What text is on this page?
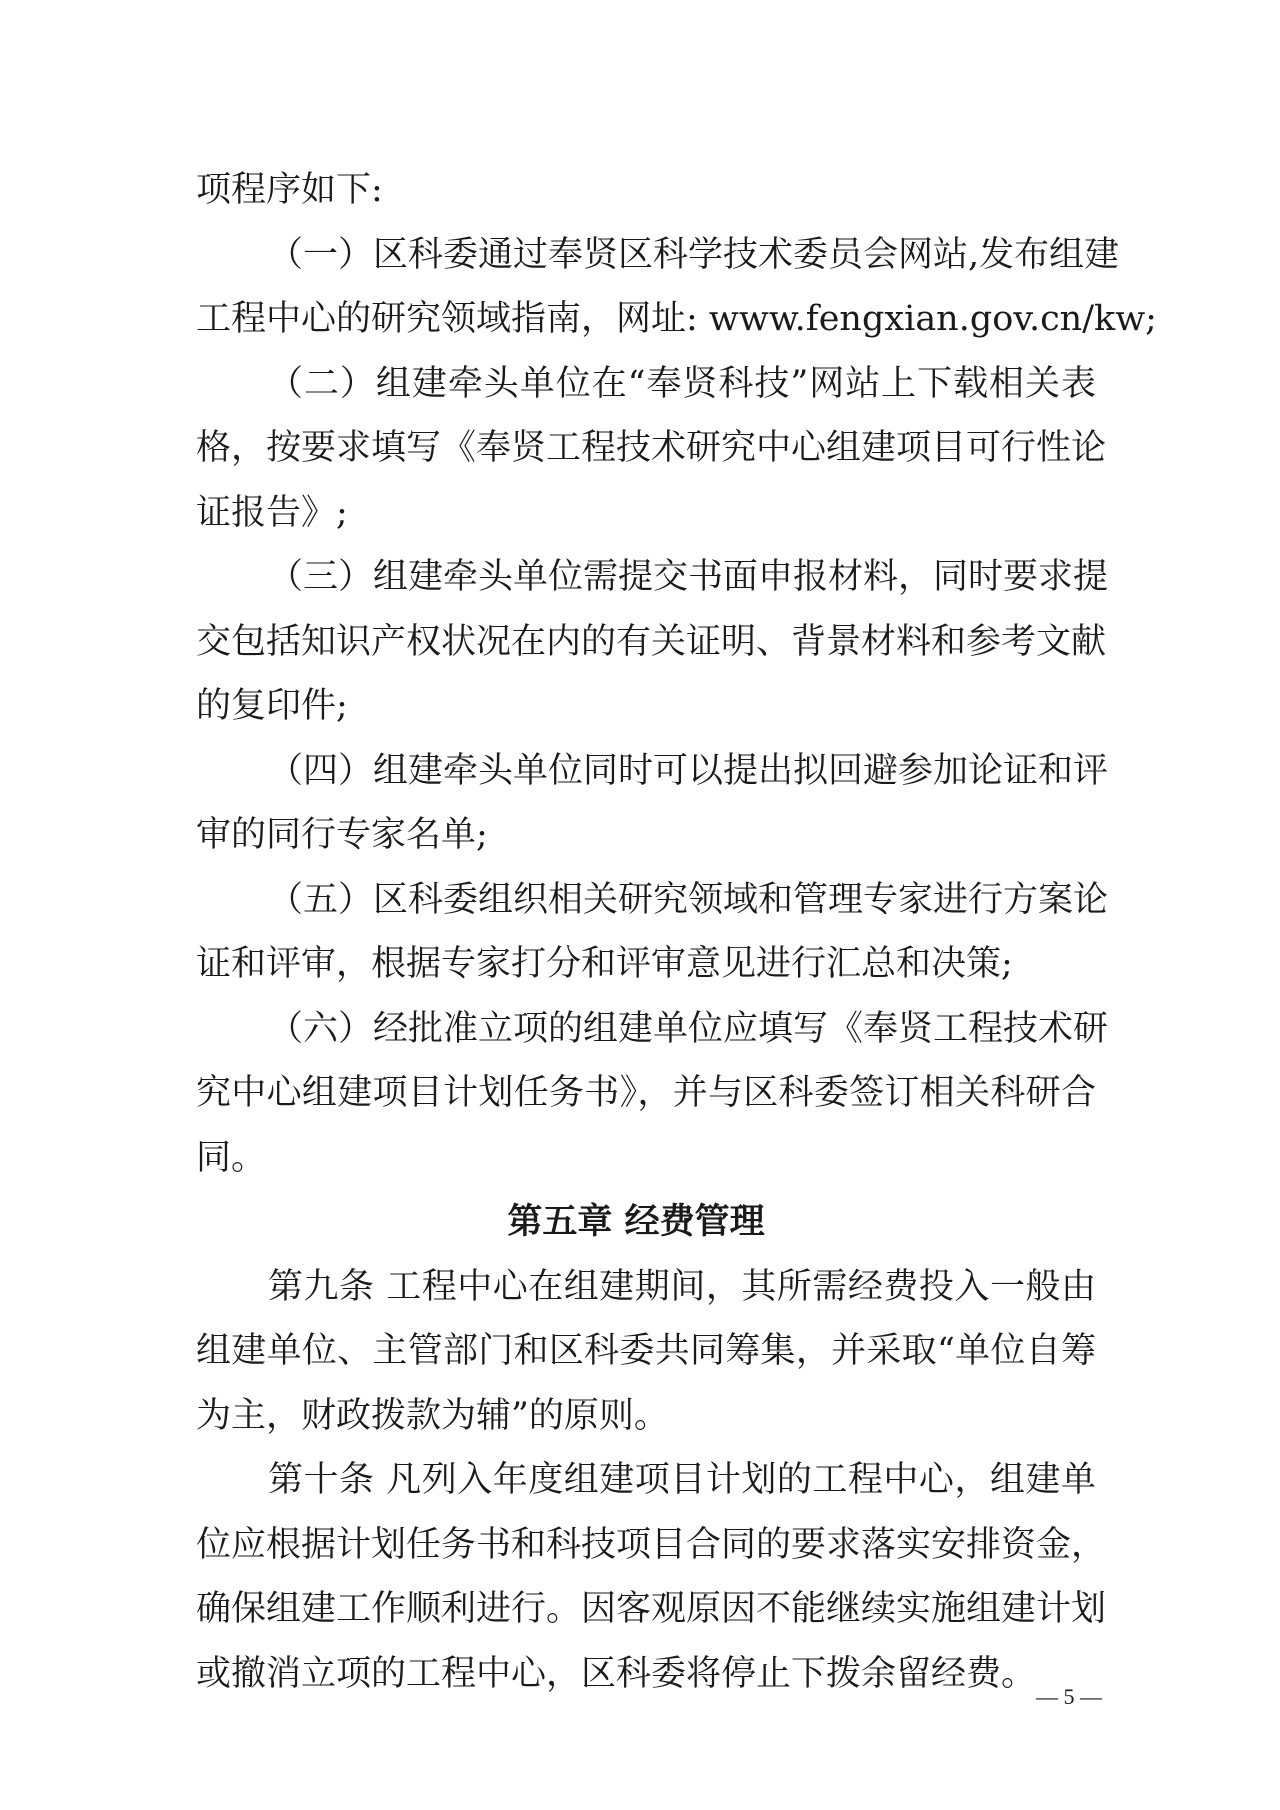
项程序如下:

（一）区科委通过奉贤区科学技术委员会网站,发布组建

工程中心的研究领域指南，网址: www.fengxian.gov.cn/kw;

（二）组建牵头单位在“奉贤科技”网站上下载相关表

格，按要求填写《奉贤工程技术研究中心组建项目可行性论

证报告》;

（三）组建牵头单位需提交书面申报材料，同时要求提

交包括知识产权状况在内的有关证明、背景材料和参考文献

的复印件;

（四）组建牵头单位同时可以提出拟回避参加论证和评

审的同行专家名单;

（五）区科委组织相关研究领域和管理专家进行方案论

证和评审，根据专家打分和评审意见进行汇总和决策;

（六）经批准立项的组建单位应填写《奉贤工程技术研

究中心组建项目计划任务书》，并与区科委签订相关科研合

同。

第五章 经费管理

第九条 工程中心在组建期间，其所需经费投入一般由

组建单位、主管部门和区科委共同筹集，并采取“单位自筹

为主，财政拨款为辅”的原则。

第十条 凡列入年度组建项目计划的工程中心，组建单

位应根据计划任务书和科技项目合同的要求落实安排资金，

确保组建工作顺利进行。因客观原因不能继续实施组建计划

或撤消立项的工程中心，区科委将停止下拨余留经费。

— 5 —
